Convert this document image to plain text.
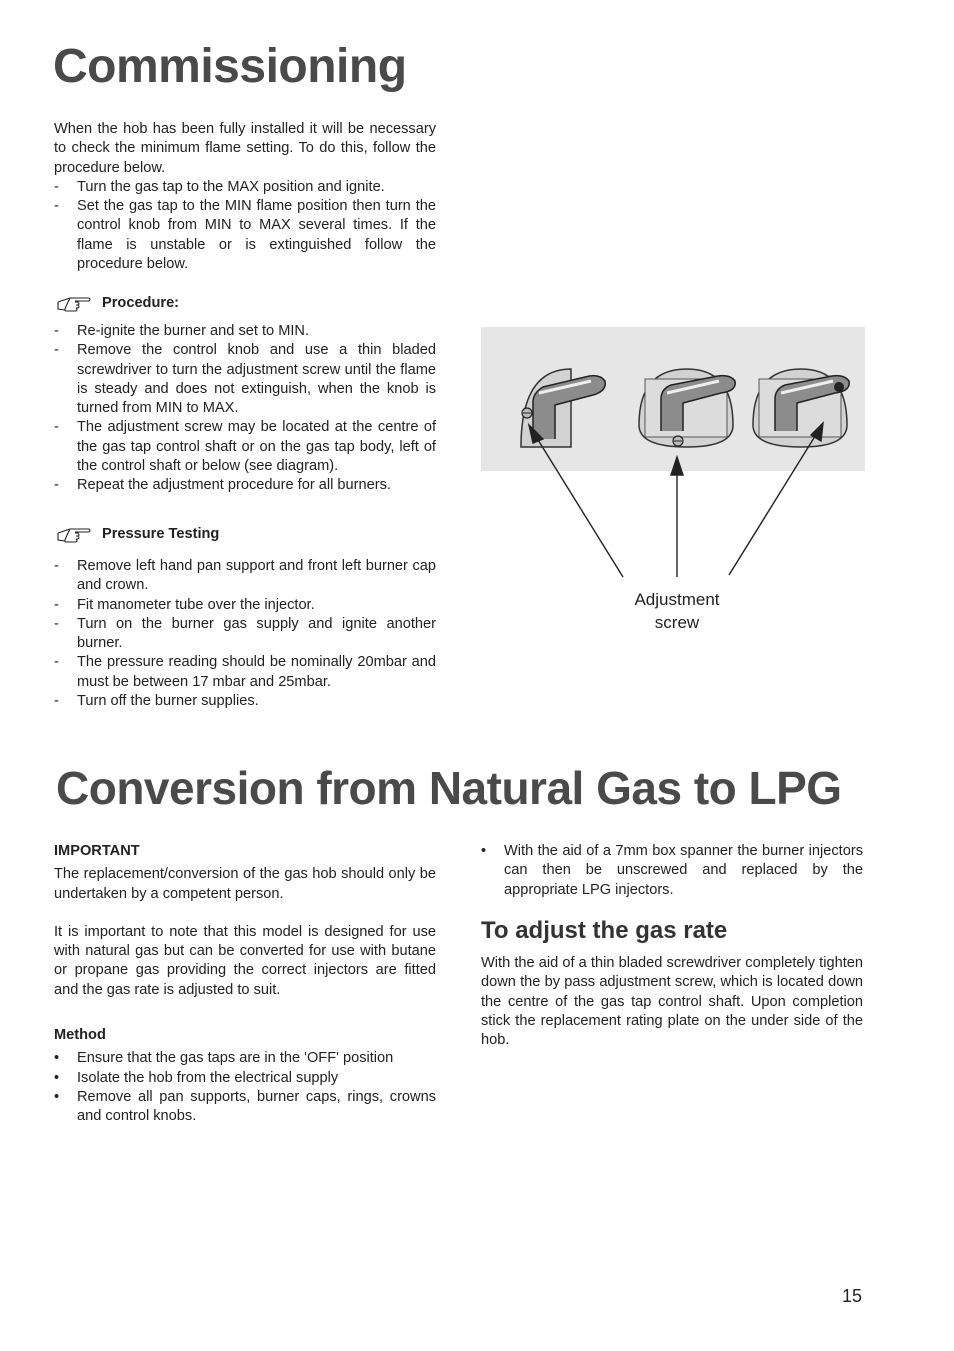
Commissioning

When the hob has been fully installed it will be necessary to check the minimum flame setting. To do this, follow the procedure below.

- Turn the gas tap to the MAX position and ignite.

- Set the gas tap to the MIN flame position then turn the control knob from MIN to MAX several times. If the flame is unstable or is extinguished follow the procedure below.

Procedure:

- Re-ignite the burner and set to MIN.

- Remove the control knob and use a thin bladed screwdriver to turn the adjustment screw until the flame is steady and does not extinguish, when the knob is turned from MIN to MAX.

- The adjustment screw may be located at the centre of the gas tap control shaft or on the gas tap body, left of the control shaft or below (see diagram).

- Repeat the adjustment procedure for all burners.

Pressure Testing

- Remove left hand pan support and front left burner cap and crown.

- Fit manometer tube over the injector.

- Turn on the burner gas supply and ignite another burner.

- The pressure reading should be nominally 20mbar and must be between 17 mbar and 25mbar.

- Turn off the burner supplies.

Adjustment
screw
Conversion from Natural Gas to LPG

IMPORTANT

The replacement/conversion of the gas hob should only be undertaken by a competent person.

It is important to note that this model is designed for use with natural gas but can be converted for use with butane or propane gas providing the correct injectors are fitted and the gas rate is adjusted to suit.

Method

• Ensure that the gas taps are in the 'OFF' position

• Isolate the hob from the electrical supply

• Remove all pan supports, burner caps, rings, crowns and control knobs.

• With the aid of a 7mm box spanner the burner injectors can then be unscrewed and replaced by the appropriate LPG injectors.

To adjust the gas rate

With the aid of a thin bladed screwdriver completely tighten down the by pass adjustment screw, which is located down the centre of the gas tap control shaft. Upon completion stick the replacement rating plate on the under side of the hob.

15
